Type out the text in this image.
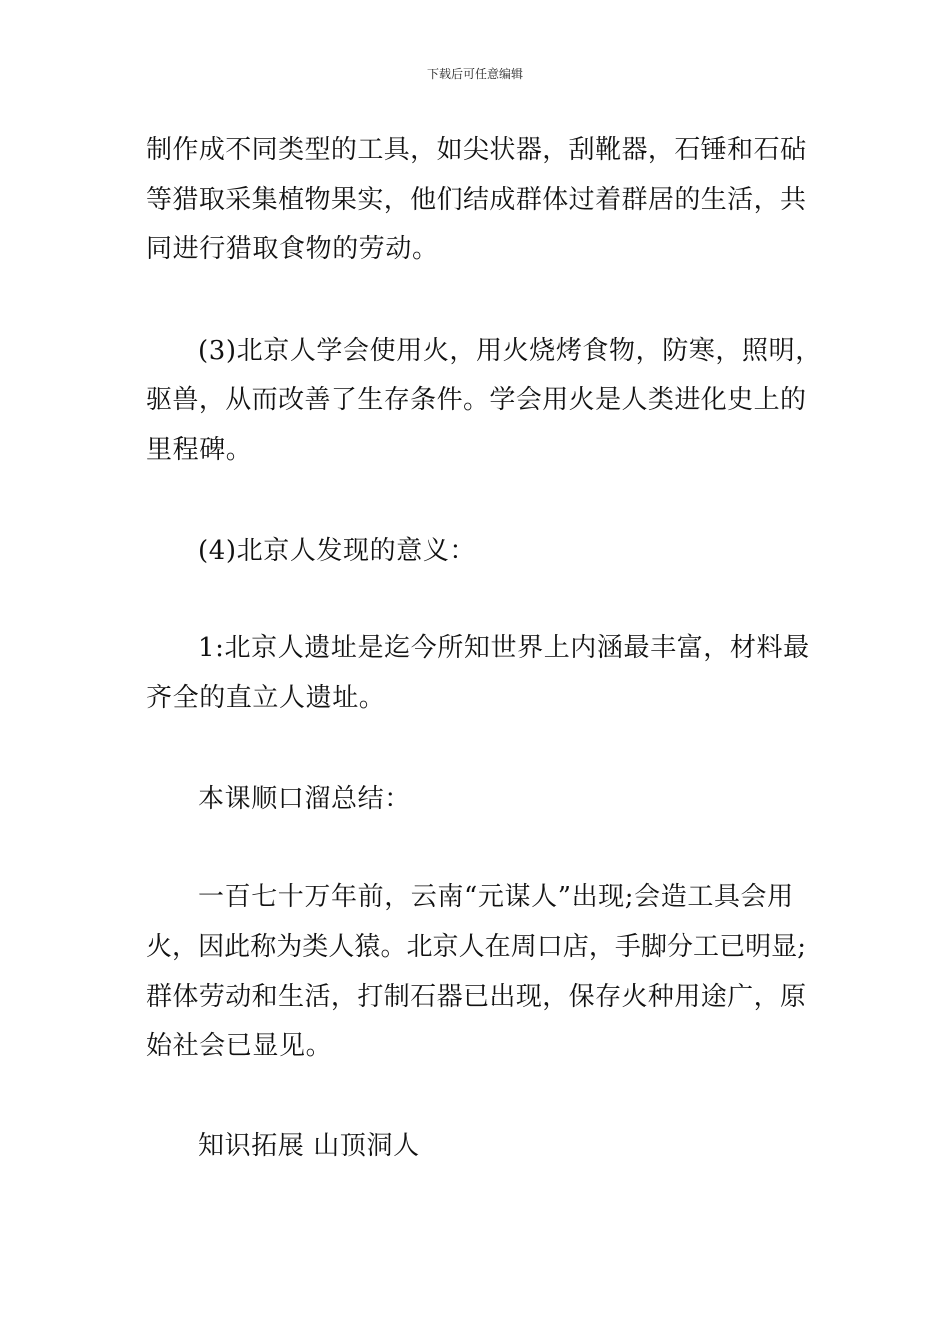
下载后可任意编辑
制作成不同类型的工具，如尖状器，刮靴器，石锤和石砧
等猎取采集植物果实，他们结成群体过着群居的生活，共
同进行猎取食物的劳动。
(3)北京人学会使用火，用火烧烤食物，防寒，照明，
驱兽，从而改善了生存条件。学会用火是人类进化史上的
里程碑。
(4)北京人发现的意义：
1:北京人遗址是迄今所知世界上内涵最丰富，材料最
齐全的直立人遗址。
本课顺口溜总结：
一百七十万年前，云南“元谋人”出现;会造工具会用
火，因此称为类人猿。北京人在周口店，手脚分工已明显;
群体劳动和生活，打制石器已出现，保存火种用途广，原
始社会已显见。
知识拓展 山顶洞人
